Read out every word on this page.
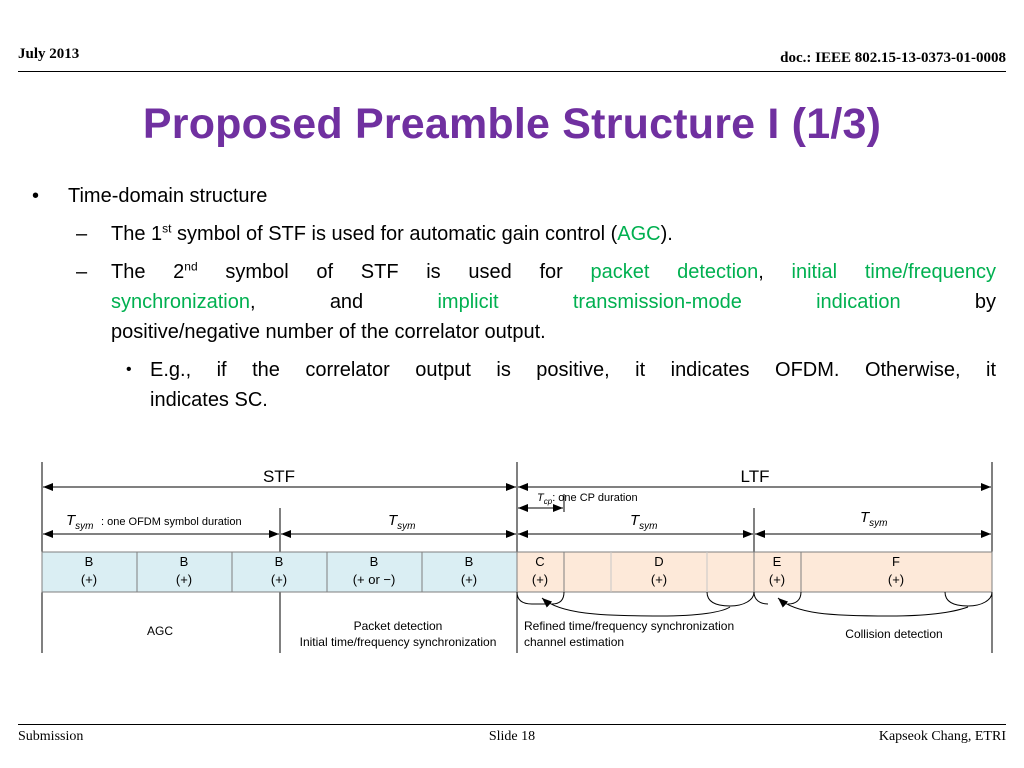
July 2013	doc.: IEEE 802.15-13-0373-01-0008
Proposed Preamble Structure I (1/3)
• Time-domain structure
– The 1st symbol of STF is used for automatic gain control (AGC).
– The 2nd symbol of STF is used for packet detection, initial time/frequency
synchronization,	and	implicit	transmission-mode	indication	by
positive/negative number of the correlator output.
• E.g., if the correlator output is positive, it indicates OFDM. Otherwise, it
indicates SC.
STF	LTF
$T_{cp}$: one CP duration
$T_{sym}$ : one OFDM symbol duration	$T_{sym}$	$T_{sym}$
$T_{sym}$
B
(+)
B
(+)
B
(+)
B
(+ or −)
B
(+)
C
(+)
D
(+)
E
(+)
F
(+)
AGC	Packet detection
Initial time/frequency synchronization
Refined time/frequency synchronization
channel estimation
Collision detection
Submission	Slide 18	Kapseok Chang, ETRI
